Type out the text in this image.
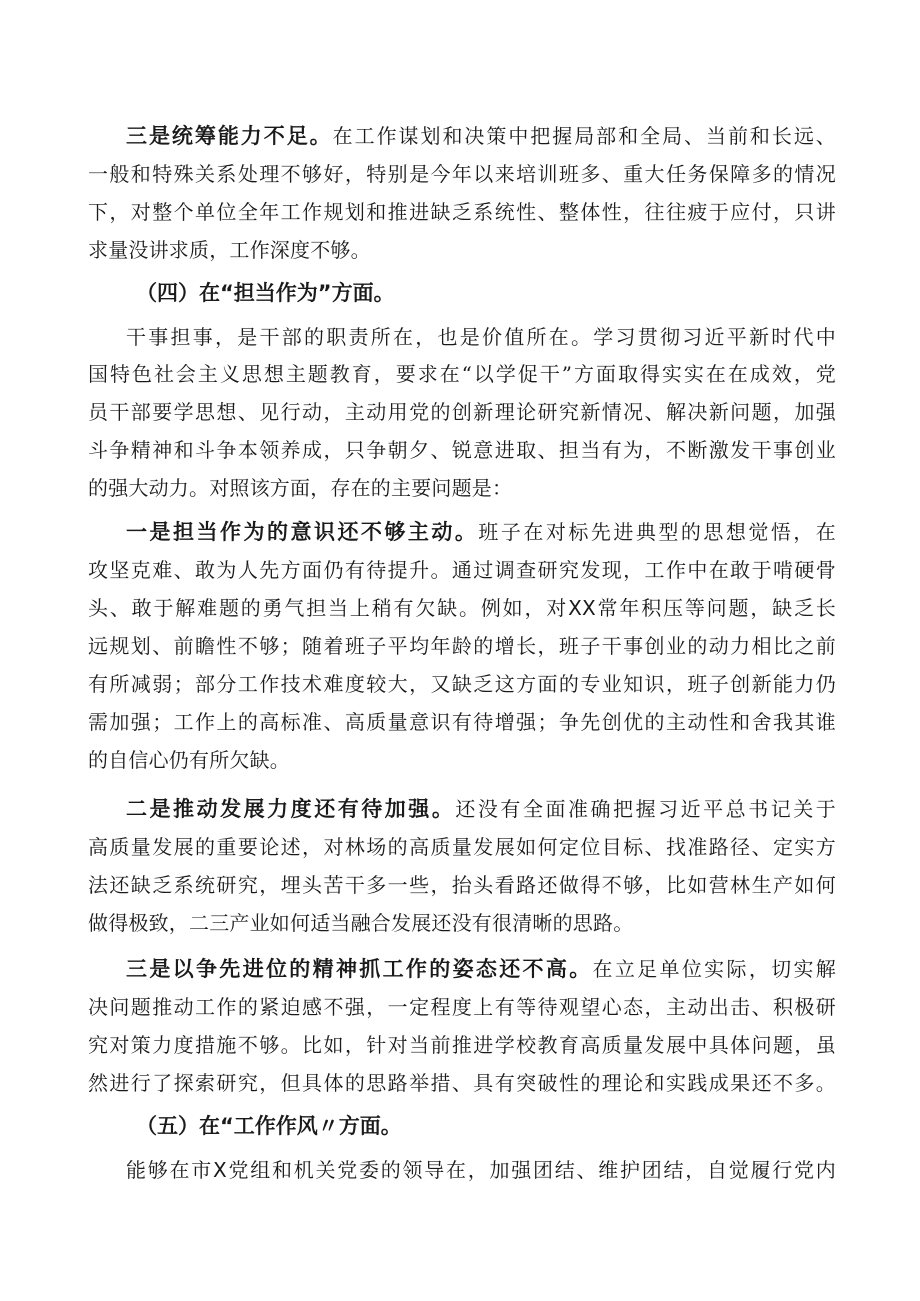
三是统筹能力不足。在工作谋划和决策中把握局部和全局、当前和长远、
一般和特殊关系处理不够好，特别是今年以来培训班多、重大任务保障多的情况
下，对整个单位全年工作规划和推进缺乏系统性、整体性，往往疲于应付，只讲
求量没讲求质，工作深度不够。
（四）在“担当作为”方面。
干事担事，是干部的职责所在，也是价值所在。学习贯彻习近平新时代中
国特色社会主义思想主题教育，要求在“以学促干”方面取得实实在在成效，党
员干部要学思想、见行动，主动用党的创新理论研究新情况、解决新问题，加强
斗争精神和斗争本领养成，只争朝夕、锐意进取、担当有为，不断激发干事创业
的强大动力。对照该方面，存在的主要问题是：
一是担当作为的意识还不够主动。班子在对标先进典型的思想觉悟，在
攻坚克难、敢为人先方面仍有待提升。通过调查研究发现，工作中在敢于啃硬骨
头、敢于解难题的勇气担当上稍有欠缺。例如，对XX常年积压等问题，缺乏长
远规划、前瞻性不够；随着班子平均年龄的增长，班子干事创业的动力相比之前
有所减弱；部分工作技术难度较大，又缺乏这方面的专业知识，班子创新能力仍
需加强；工作上的高标准、高质量意识有待增强；争先创优的主动性和舍我其谁
的自信心仍有所欠缺。
二是推动发展力度还有待加强。还没有全面准确把握习近平总书记关于
高质量发展的重要论述，对林场的高质量发展如何定位目标、找准路径、定实方
法还缺乏系统研究，埋头苦干多一些，抬头看路还做得不够，比如营林生产如何
做得极致，二三产业如何适当融合发展还没有很清晰的思路。
三是以争先进位的精神抓工作的姿态还不高。在立足单位实际，切实解
决问题推动工作的紧迫感不强，一定程度上有等待观望心态，主动出击、积极研
究对策力度措施不够。比如，针对当前推进学校教育高质量发展中具体问题，虽
然进行了探索研究，但具体的思路举措、具有突破性的理论和实践成果还不多。
（五）在“工作作风〃方面。
能够在市X党组和机关党委的领导在，加强团结、维护团结，自觉履行党内
